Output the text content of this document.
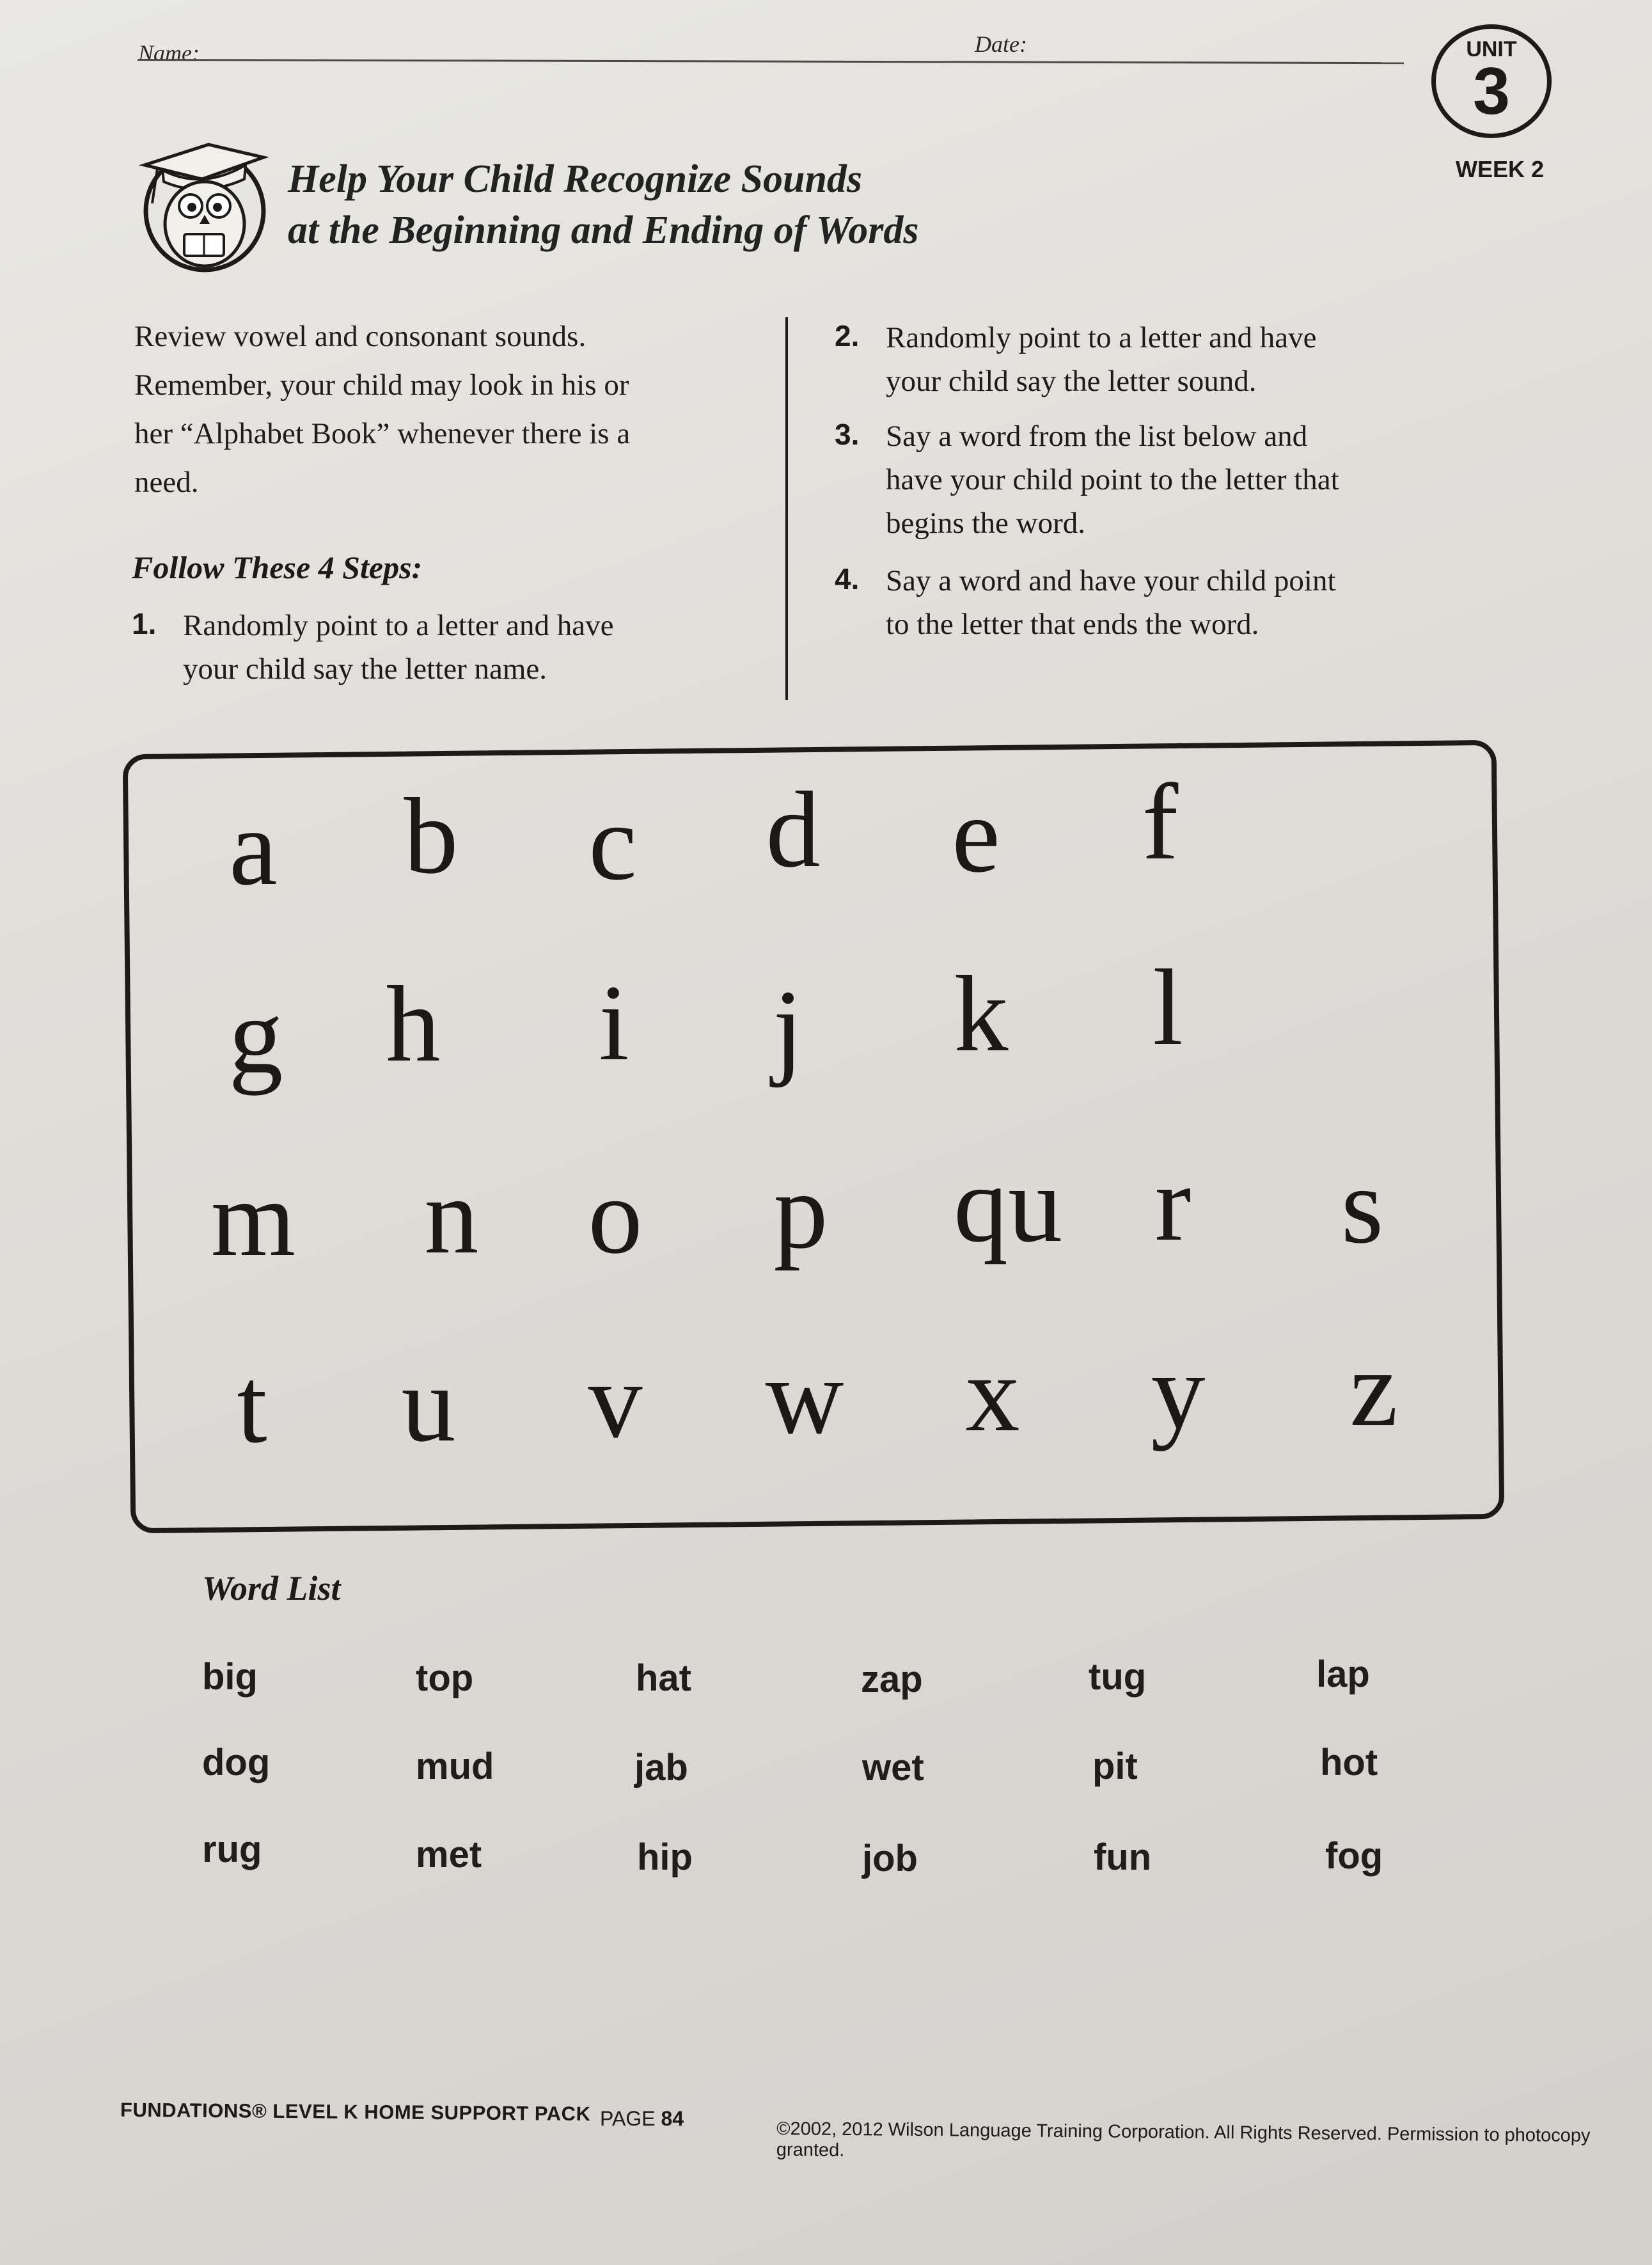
Name:	Date:	UNIT
3
WEEK 2
Help Your Child Recognize Sounds
at the Beginning and Ending of Words
Review vowel and consonant sounds.
Remember, your child may look in his or
her “Alphabet Book” whenever there is a
need.
Follow These 4 Steps:
1. Randomly point to a letter and have
your child say the letter name.
2. Randomly point to a letter and have
your child say the letter sound.
3. Say a word from the list below and
have your child point to the letter that
begins the word.
4. Say a word and have your child point
to the letter that ends the word.
a	b	c	d	e	f
g h	i	j	k	l
m	n	o	p	qu r	s
t	u	v	w	x	y	z
Word List
big	top	hat	zap	tug	lap
dog	mud	jab	wet	pit	hot
rug	met	hip	job	fun	fog
FUNDATIONS® LEVEL K HOME SUPPORT PACK PAGE 84
©2002, 2012 Wilson Language Training Corporation. All Rights Reserved. Permission to photocopy granted.
